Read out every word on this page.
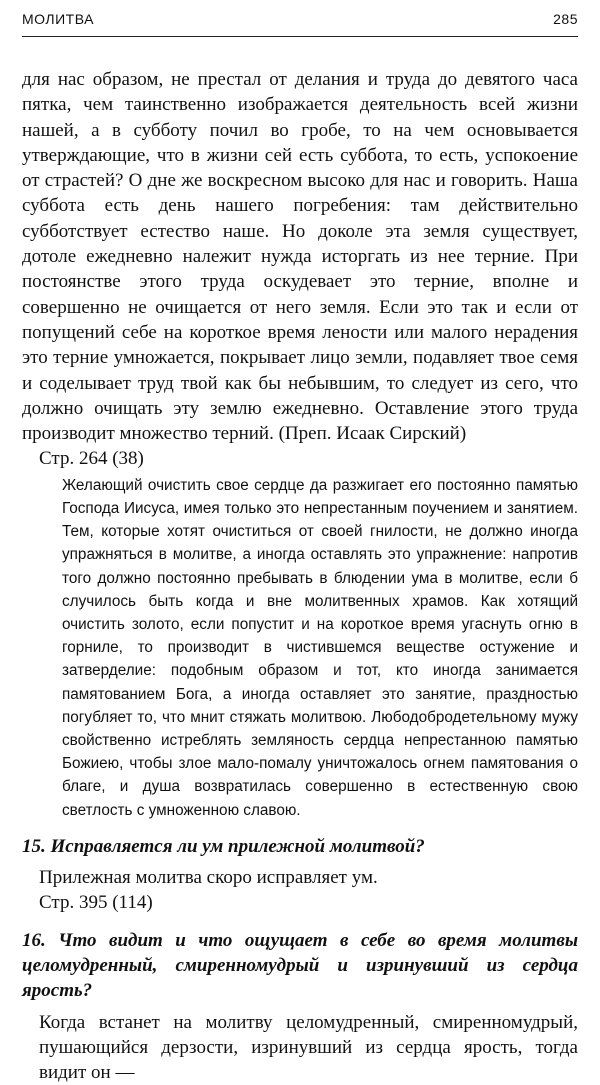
МОЛИТВА	285

для нас образом, не престал от делания и труда до девятого часа пятка, чем таинственно изображается деятельность всей жизни нашей, а в субботу почил во гробе, то на чем основывается утверждающие, что в жизни сей есть суббота, то есть, успокоение от страстей? О дне же воскресном высоко для нас и говорить. Наша суббота есть день нашего погребения: там действительно субботствует естество наше. Но доколе эта земля существует, дотоле ежедневно належит нужда исторгать из нее терние. При постоянстве этого труда оскудевает это терние, вполне и совершенно не очищается от него земля. Если это так и если от попущений себе на короткое время лености или малого нерадения это терние умножается, покрывает лицо земли, подавляет твое семя и соделывает труд твой как бы небывшим, то следует из сего, что должно очищать эту землю ежедневно. Оставление этого труда производит множество терний. (Преп. Исаак Сирский)

Стр. 264 (38)

Желающий очистить свое сердце да разжигает его постоянно памятью Господа Иисуса, имея только это непрестанным поучением и занятием. Тем, которые хотят очиститься от своей гнилости, не должно иногда упражняться в молитве, а иногда оставлять это упражнение: напротив того должно постоянно пребывать в блюдении ума в молитве, если б случилось быть когда и вне молитвенных храмов. Как хотящий очистить золото, если попустит и на короткое время угаснуть огню в горниле, то производит в чистившемся веществе остужение и затверделие: подобным образом и тот, кто иногда занимается памятованием Бога, а иногда оставляет это занятие, праздностью погубляет то, что мнит стяжать молитвою. Любодобродетельному мужу свойственно истреблять земляность сердца непрестанною памятью Божиею, чтобы злое мало-помалу уничтожалось огнем памятования о благе, и душа возвратилась совершенно в естественную свою светлость с умноженною славою.

15. Исправляется ли ум прилежной молитвой?

Прилежная молитва скоро исправляет ум.

Стр. 395 (114)

16. Что видит и что ощущает в себе во время молитвы целомудренный, смиренномудрый и изринувший из сердца ярость?

Когда встанет на молитву целомудренный, смиренномудрый, пушающийся дерзости, изринувший из сердца ярость, тогда видит он —
